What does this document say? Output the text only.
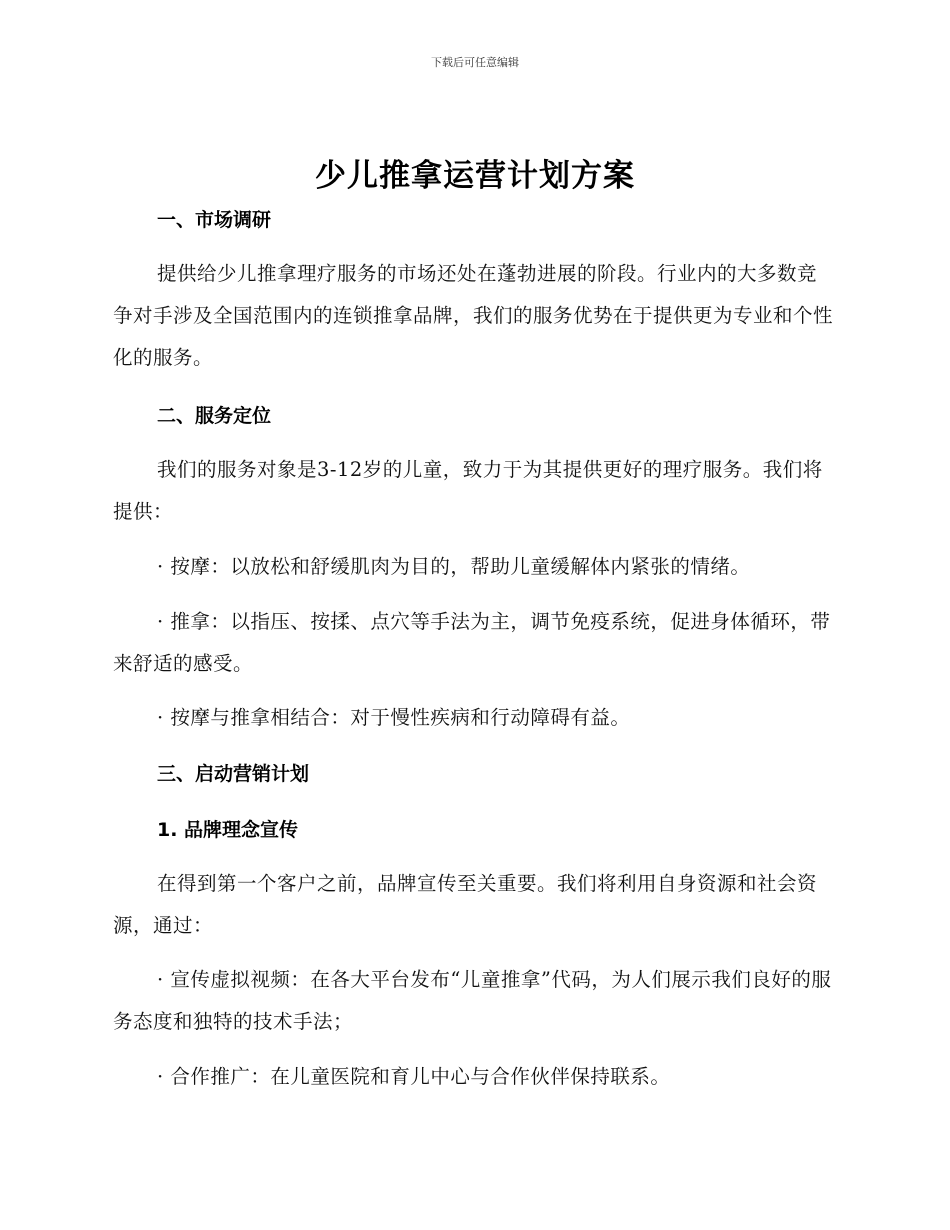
下载后可任意编辑
少儿推拿运营计划方案
一、市场调研

提供给少儿推拿理疗服务的市场还处在蓬勃进展的阶段。行业内的大多数竞争对手涉及全国范围内的连锁推拿品牌，我们的服务优势在于提供更为专业和个性化的服务。

二、服务定位

我们的服务对象是3-12岁的儿童，致力于为其提供更好的理疗服务。我们将提供：

· 按摩：以放松和舒缓肌肉为目的，帮助儿童缓解体内紧张的情绪。

· 推拿：以指压、按揉、点穴等手法为主，调节免疫系统，促进身体循环，带来舒适的感受。

· 按摩与推拿相结合：对于慢性疾病和行动障碍有益。

三、启动营销计划
1. 品牌理念宣传

在得到第一个客户之前，品牌宣传至关重要。我们将利用自身资源和社会资源，通过：

· 宣传虚拟视频：在各大平台发布“儿童推拿”代码，为人们展示我们良好的服务态度和独特的技术手法；

· 合作推广：在儿童医院和育儿中心与合作伙伴保持联系。
